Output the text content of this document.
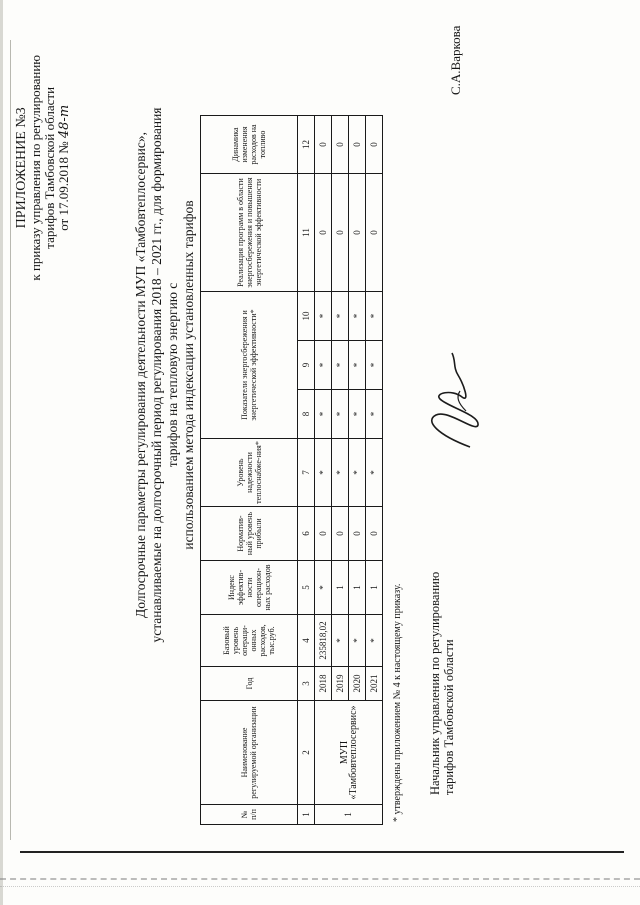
ПРИЛОЖЕНИЕ №3 к приказу управления по регулированию тарифов Тамбовской области от 17.09.2018 № 48-т
Долгосрочные параметры регулирования деятельности МУП «Тамбовтеплосервис», устанавливаемые на долгосрочный период регулирования 2018 – 2021 гг., для формирования тарифов на тепловую энергию с использованием метода индексации установленных тарифов
№ п/п	Наименование регулируемой организации	Год	Базовый уровень операци-онных расходов, тыс.руб.	Индекс эффектив-ности операцион-ных расходов	Норматив-ный уровень прибыли	Уровень надежности теплоснабже-ния*	Показатели энергосбережения и энергетической эффективности*			Реализация программ в области энергосбережения и повышения энергетической эффективности	Динамика изменения расходов на топливо
1	2	3	4	5	6	7	8	9	10	11	12
1	МУП «Тамбовтеплосервис»	2018	235818,02	*	0	*	*	*	*	0	0
		2019	*	1	0	*	*	*	*	0	0
		2020	*	1	0	*	*	*	*	0	0
		2021	*	1	0	*	*	*	*	0	0
* утверждены приложением № 4 к настоящему приказу. Начальник управления по регулированию тарифов Тамбовской области
С.А.Варкова
